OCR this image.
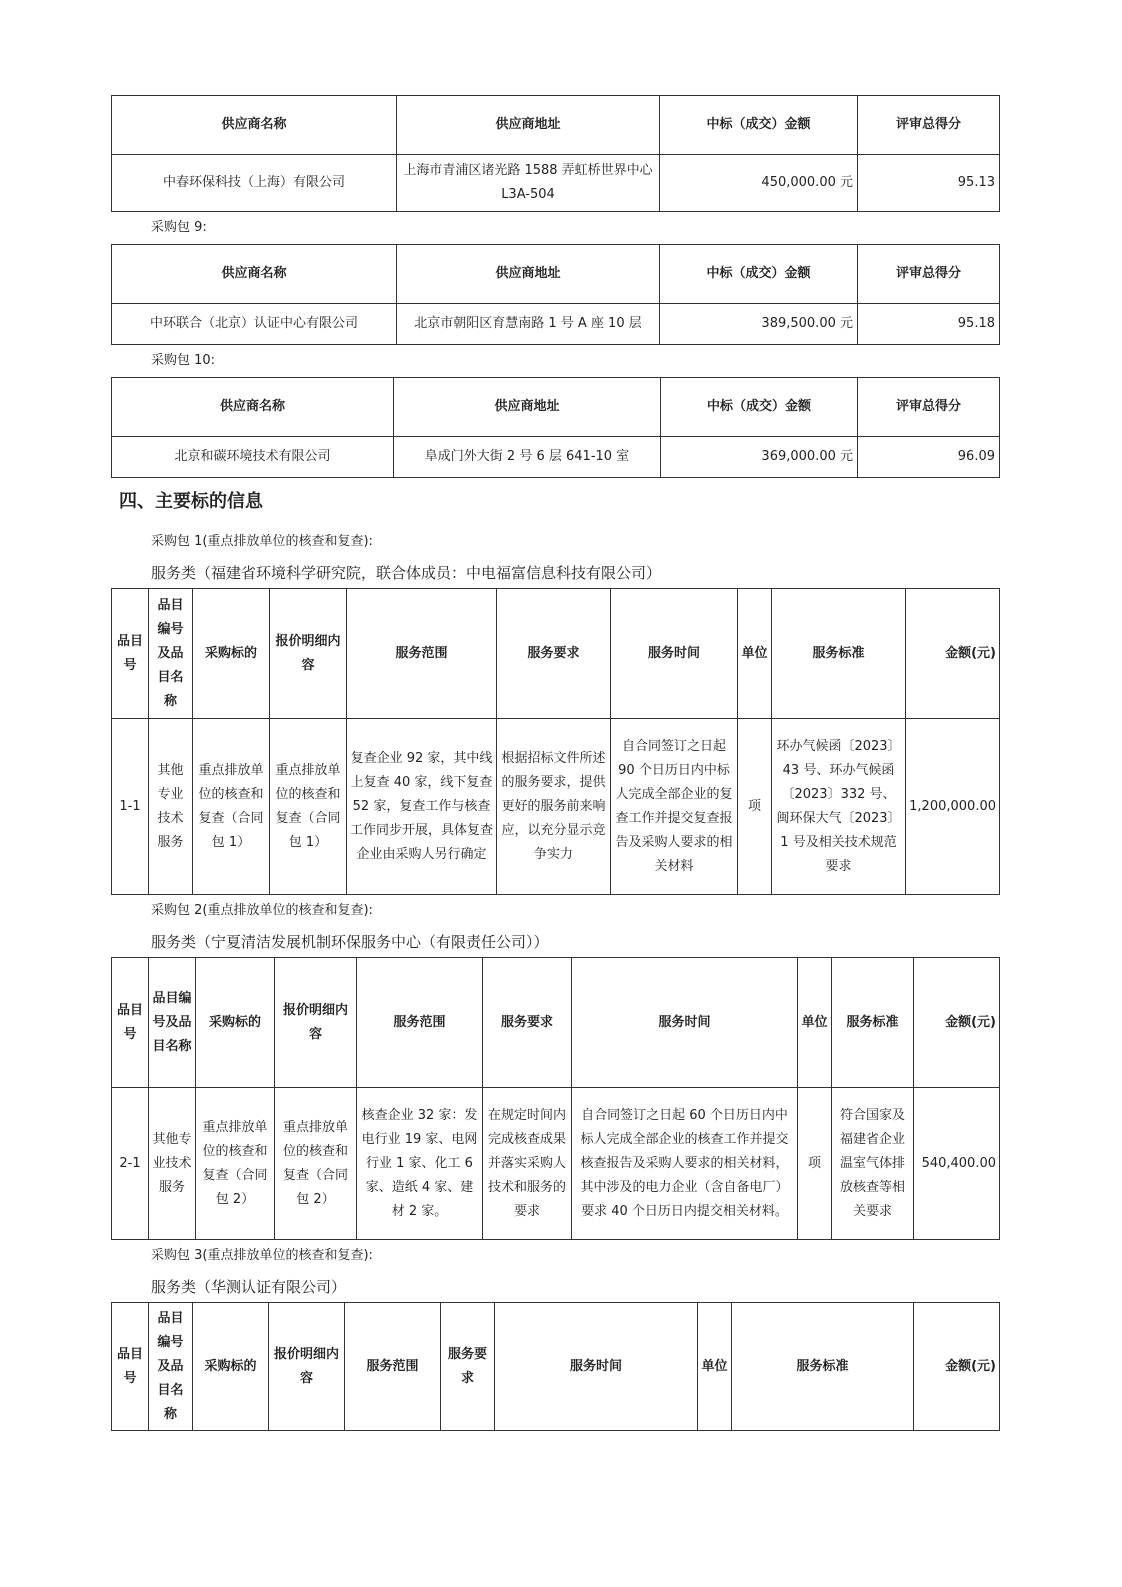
供应商名称	供应商地址	中标（成交）金额	评审总得分
中春环保科技（上海）有限公司	上海市青浦区诸光路 1588 弄虹桥世界中心 L3A-504	450,000.00 元	95.13
采购包 9:
供应商名称	供应商地址	中标（成交）金额	评审总得分
中环联合（北京）认证中心有限公司	北京市朝阳区育慧南路 1 号 A 座 10 层	389,500.00 元	95.18
采购包 10:
供应商名称	供应商地址	中标（成交）金额	评审总得分
北京和碳环境技术有限公司	阜成门外大街 2 号 6 层 641-10 室	369,000.00 元	96.09
四、主要标的信息
采购包 1(重点排放单位的核查和复查):
服务类（福建省环境科学研究院，联合体成员：中电福富信息科技有限公司）
品目号	品目编号及品目名称	采购标的	报价明细内容	服务范围	服务要求	服务时间	单位	服务标准	金额(元)
1-1	其他专业技术服务	重点排放单位的核查和复查（合同包 1）	重点排放单位的核查和复查（合同包 1）	复查企业 92 家，其中线上复查 40 家，线下复查 52 家，复查工作与核查工作同步开展，具体复查企业由采购人另行确定	根据招标文件所述的服务要求，提供更好的服务前来响应，以充分显示竞争实力	自合同签订之日起 90 个日历日内中标人完成全部企业的复查工作并提交复查报告及采购人要求的相关材料	项	环办气候函〔2023〕43 号、环办气候函〔2023〕332 号、闽环保大气〔2023〕1 号及相关技术规范要求	1,200,000.00
采购包 2(重点排放单位的核查和复查):
服务类（宁夏清洁发展机制环保服务中心（有限责任公司））
品目号	品目编号及品目名称	采购标的	报价明细内容	服务范围	服务要求	服务时间	单位	服务标准	金额(元)
2-1	其他专业技术服务	重点排放单位的核查和复查（合同包 2）	重点排放单位的核查和复查（合同包 2）	核查企业 32 家：发电行业 19 家、电网行业 1 家、化工 6 家、造纸 4 家、建材 2 家。	在规定时间内完成核查成果并落实采购人技术和服务的要求	自合同签订之日起 60 个日历日内中标人完成全部企业的核查工作并提交核查报告及采购人要求的相关材料，其中涉及的电力企业（含自备电厂）要求 40 个日历日内提交相关材料。	项	符合国家及福建省企业温室气体排放核查等相关要求	540,400.00
采购包 3(重点排放单位的核查和复查):
服务类（华测认证有限公司）
品目号	品目编号及品目名称	采购标的	报价明细内容	服务范围	服务要求	服务时间	单位	服务标准	金额(元)
